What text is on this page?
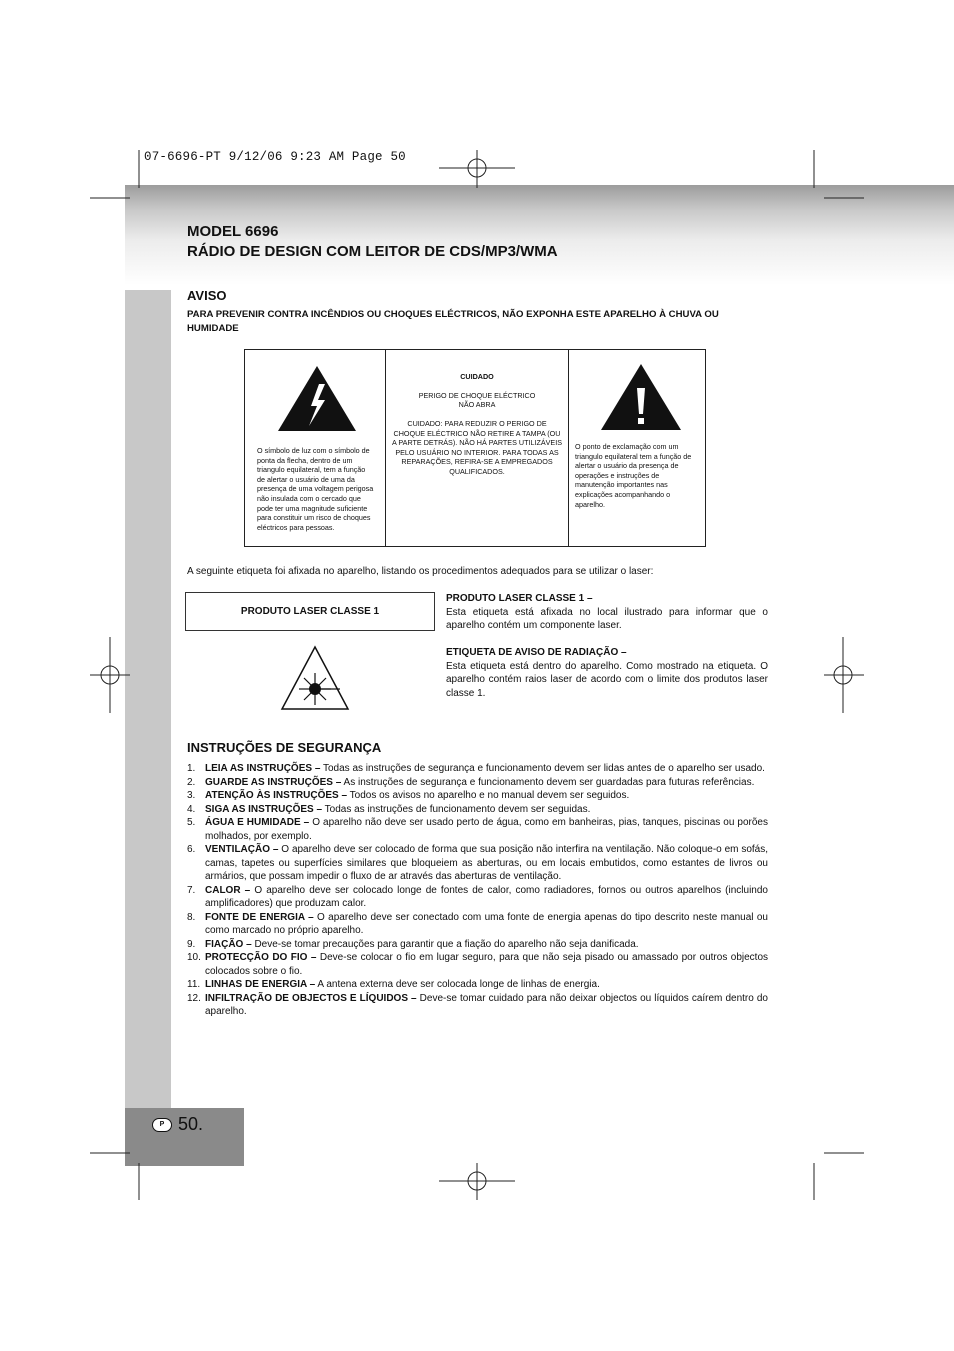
07-6696-PT 9/12/06 9:23 AM Page 50
MODEL 6696
RÁDIO DE DESIGN COM LEITOR DE CDS/MP3/WMA
AVISO
PARA PREVENIR CONTRA INCÊNDIOS OU CHOQUES ELÉCTRICOS, NÃO EXPONHA ESTE APARELHO À CHUVA OU HUMIDADE
O símbolo de luz com o símbolo de ponta da flecha, dentro de um triangulo equilateral, tem a função de alertar o usuário de uma da presença de uma voltagem perigosa não insulada com o cercado que pode ter uma magnitude suficiente para constituir um risco de choques eléctricos para pessoas.
CUIDADO
PERIGO DE CHOQUE ELÉCTRICO
NÃO ABRA
CUIDADO: PARA REDUZIR O PERIGO DE CHOQUE ELÉCTRICO NÃO RETIRE A TAMPA (OU A PARTE DETRÁS). NÃO HÁ PARTES UTILIZÁVEIS PELO USUÁRIO NO INTERIOR. PARA TODAS AS REPARAÇÕES, REFIRA-SE A EMPREGADOS QUALIFICADOS.
O ponto de exclamação com um triangulo equilateral tem a função de alertar o usuário da presença de operações e instruções de manutenção importantes nas explicações acompanhando o aparelho.
A seguinte etiqueta foi afixada no aparelho, listando os procedimentos adequados para se utilizar o laser:
PRODUTO LASER CLASSE 1
PRODUTO LASER CLASSE 1 –
Esta etiqueta está afixada no local ilustrado para informar que o aparelho contém um componente laser.
ETIQUETA DE AVISO DE RADIAÇÃO –
Esta etiqueta está dentro do aparelho. Como mostrado na etiqueta. O aparelho contém raios laser de acordo com o limite dos produtos laser classe 1.
INSTRUÇÕES DE SEGURANÇA
1. LEIA AS INSTRUÇÕES – Todas as instruções de segurança e funcionamento devem ser lidas antes de o aparelho ser usado.
2. GUARDE AS INSTRUÇÕES – As instruções de segurança e funcionamento devem ser guardadas para futuras referências.
3. ATENÇÃO ÀS INSTRUÇÕES – Todos os avisos no aparelho e no manual devem ser seguidos.
4. SIGA AS INSTRUÇÕES – Todas as instruções de funcionamento devem ser seguidas.
5. ÁGUA E HUMIDADE – O aparelho não deve ser usado perto de água, como em banheiras, pias, tanques, piscinas ou porões molhados, por exemplo.
6. VENTILAÇÃO – O aparelho deve ser colocado de forma que sua posição não interfira na ventilação. Não coloque-o em sofás, camas, tapetes ou superfícies similares que bloqueiem as aberturas, ou em locais embutidos, como estantes de livros ou armários, que possam impedir o fluxo de ar através das aberturas de ventilação.
7. CALOR – O aparelho deve ser colocado longe de fontes de calor, como radiadores, fornos ou outros aparelhos (incluindo amplificadores) que produzam calor.
8. FONTE DE ENERGIA – O aparelho deve ser conectado com uma fonte de energia apenas do tipo descrito neste manual ou como marcado no próprio aparelho.
9. FIAÇÃO – Deve-se tomar precauções para garantir que a fiação do aparelho não seja danificada.
10. PROTECÇÃO DO FIO – Deve-se colocar o fio em lugar seguro, para que não seja pisado ou amassado por outros objectos colocados sobre o fio.
11. LINHAS DE ENERGIA – A antena externa deve ser colocada longe de linhas de energia.
12. INFILTRAÇÃO DE OBJECTOS E LÍQUIDOS – Deve-se tomar cuidado para não deixar objectos ou líquidos caírem dentro do aparelho.
P 50.
